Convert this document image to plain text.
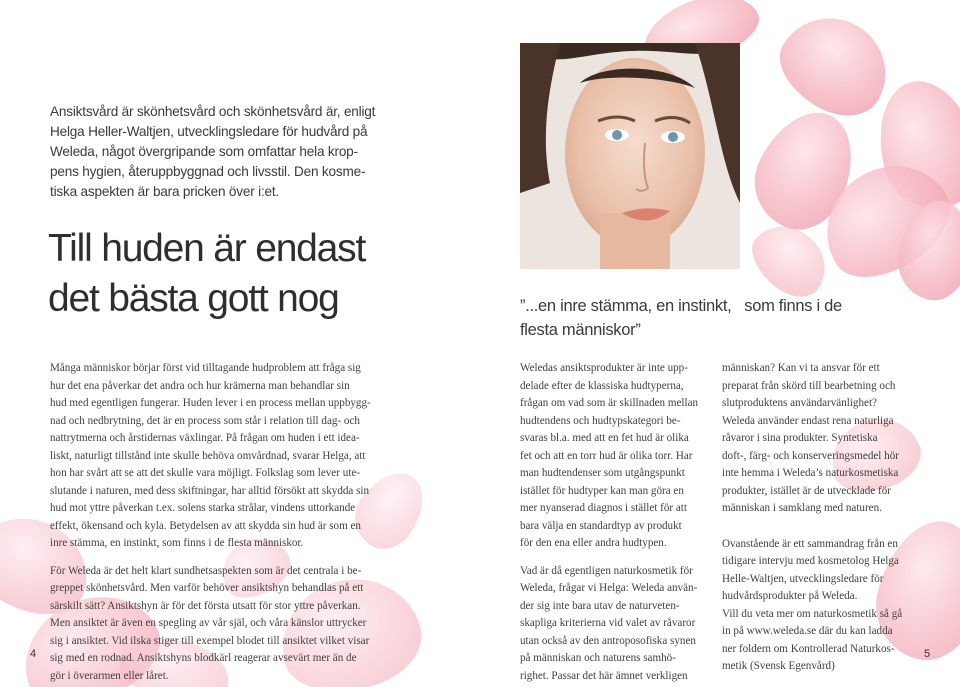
Ansiktsvård är skönhetsvård och skönhetsvård är, enligt
Helga Heller-Waltjen, utvecklingsledare för hudvård på
Weleda, något övergripande som omfattar hela krop-
pens hygien, återuppbyggnad och livsstil. Den kosme-
tiska aspekten är bara pricken över i:et.
Till huden är endast
det bästa gott nog	”...en inre stämma, en instinkt,   som finns i de
flesta människor”

Många människor börjar först vid tilltagande hudproblem att fråga sig
hur det ena påverkar det andra och hur krämerna man behandlar sin
hud med egentligen fungerar. Huden lever i en process mellan uppbygg-
nad och nedbrytning, det är en process som står i relation till dag- och
nattrytmerna och årstidernas växlingar. På frågan om huden i ett idea-
liskt, naturligt tillstånd inte skulle behöva omvårdnad, svarar Helga, att
hon har svårt att se att det skulle vara möjligt. Folkslag som lever ute-
slutande i naturen, med dess skiftningar, har alltid försökt att skydda sin
hud mot yttre påverkan t.ex. solens starka strålar, vindens uttorkande
effekt, ökensand och kyla. Betydelsen av att skydda sin hud är som en
inre stämma, en instinkt, som finns i de flesta människor.

För Weleda är det helt klart sundhetsaspekten som är det centrala i be-
greppet skönhetsvård. Men varför behöver ansiktshyn behandlas på ett
särskilt sätt? Ansiktshyn är för det första utsatt för stor yttre påverkan.
Men ansiktet är även en spegling av vår själ, och våra känslor uttrycker
sig i ansiktet. Vid ilska stiger till exempel blodet till ansiktet vilket visar
sig med en rodnad. Ansiktshyns blodkärl reagerar avsevärt mer än de
gör i överarmen eller låret.

Weledas ansiktsprodukter är inte upp-
delade efter de klassiska hudtyperna,
frågan om vad som är skillnaden mellan
hudtendens och hudtypskategori be-
svaras bl.a. med att en fet hud är olika
fet och att en torr hud är olika torr. Har
man hudtendenser som utgångspunkt
istället för hudtyper kan man göra en
mer nyanserad diagnos i stället för att
bara välja en standardtyp av produkt
för den ena eller andra hudtypen.

Vad är då egentligen naturkosmetik för
Weleda, frågar vi Helga: Weleda använ-
der sig inte bara utav de naturveten-
skapliga kriterierna vid valet av råvaror
utan också av den antroposofiska synen
på människan och naturens samhö-
righet. Passar det här ämnet verkligen

människan? Kan vi ta ansvar för ett
preparat från skörd till bearbetning och
slutproduktens användarvänlighet?
Weleda använder endast rena naturliga
råvaror i sina produkter. Syntetiska
doft-, färg- och konserveringsmedel hör
inte hemma i Weleda’s naturkosmetiska
produkter, istället är de utvecklade för
människan i samklang med naturen.

Ovanstående är ett sammandrag från en
tidigare intervju med kosmetolog Helga
Helle-Waltjen, utvecklingsledare för
hudvårdsprodukter på Weleda.
Vill du veta mer om naturkosmetik så gå
in på www.weleda.se där du kan ladda
ner foldern om Kontrollerad Naturkos-
metik (Svensk Egenvård)

4	5
